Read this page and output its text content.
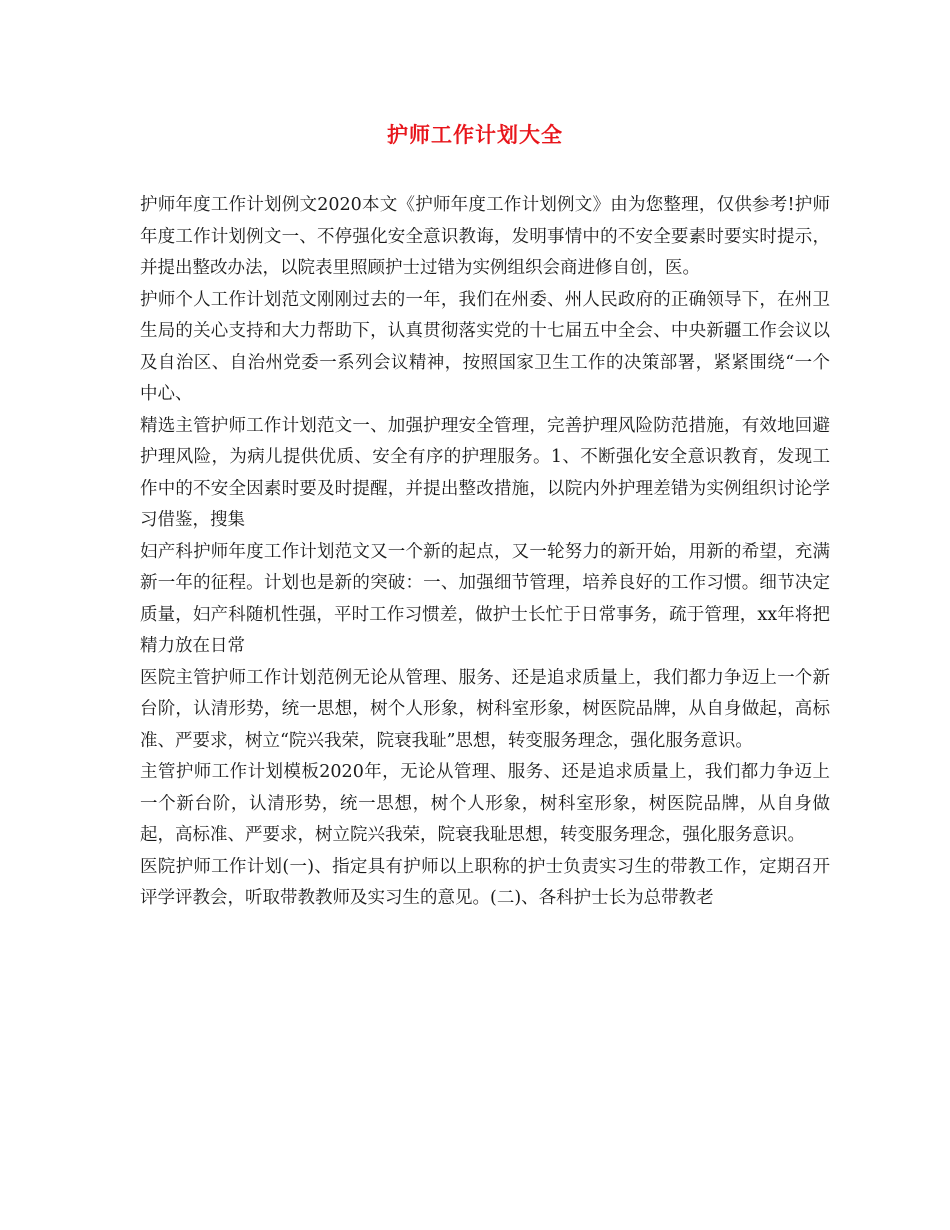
护师工作计划大全

护师年度工作计划例文2020本文《护师年度工作计划例文》由为您整理，仅供参考!护师年度工作计划例文一、不停强化安全意识教诲，发明事情中的不安全要素时要实时提示，并提出整改办法，以院表里照顾护士过错为实例组织会商进修自创，医。

护师个人工作计划范文刚刚过去的一年，我们在州委、州人民政府的正确领导下，在州卫生局的关心支持和大力帮助下，认真贯彻落实党的十七届五中全会、中央新疆工作会议以及自治区、自治州党委一系列会议精神，按照国家卫生工作的决策部署，紧紧围绕“一个中心、

精选主管护师工作计划范文一、加强护理安全管理，完善护理风险防范措施，有效地回避护理风险，为病儿提供优质、安全有序的护理服务。1、不断强化安全意识教育，发现工作中的不安全因素时要及时提醒，并提出整改措施，以院内外护理差错为实例组织讨论学习借鉴，搜集

妇产科护师年度工作计划范文又一个新的起点，又一轮努力的新开始，用新的希望，充满新一年的征程。计划也是新的突破：一、加强细节管理，培养良好的工作习惯。细节决定质量，妇产科随机性强，平时工作习惯差，做护士长忙于日常事务，疏于管理，xx年将把精力放在日常

医院主管护师工作计划范例无论从管理、服务、还是追求质量上，我们都力争迈上一个新台阶，认清形势，统一思想，树个人形象，树科室形象，树医院品牌，从自身做起，高标准、严要求，树立“院兴我荣，院衰我耻”思想，转变服务理念，强化服务意识。

主管护师工作计划模板2020年，无论从管理、服务、还是追求质量上，我们都力争迈上一个新台阶，认清形势，统一思想，树个人形象，树科室形象，树医院品牌，从自身做起，高标准、严要求，树立院兴我荣，院衰我耻思想，转变服务理念，强化服务意识。

医院护师工作计划(一)、指定具有护师以上职称的护士负责实习生的带教工作，定期召开评学评教会，听取带教教师及实习生的意见。(二)、各科护士长为总带教老
